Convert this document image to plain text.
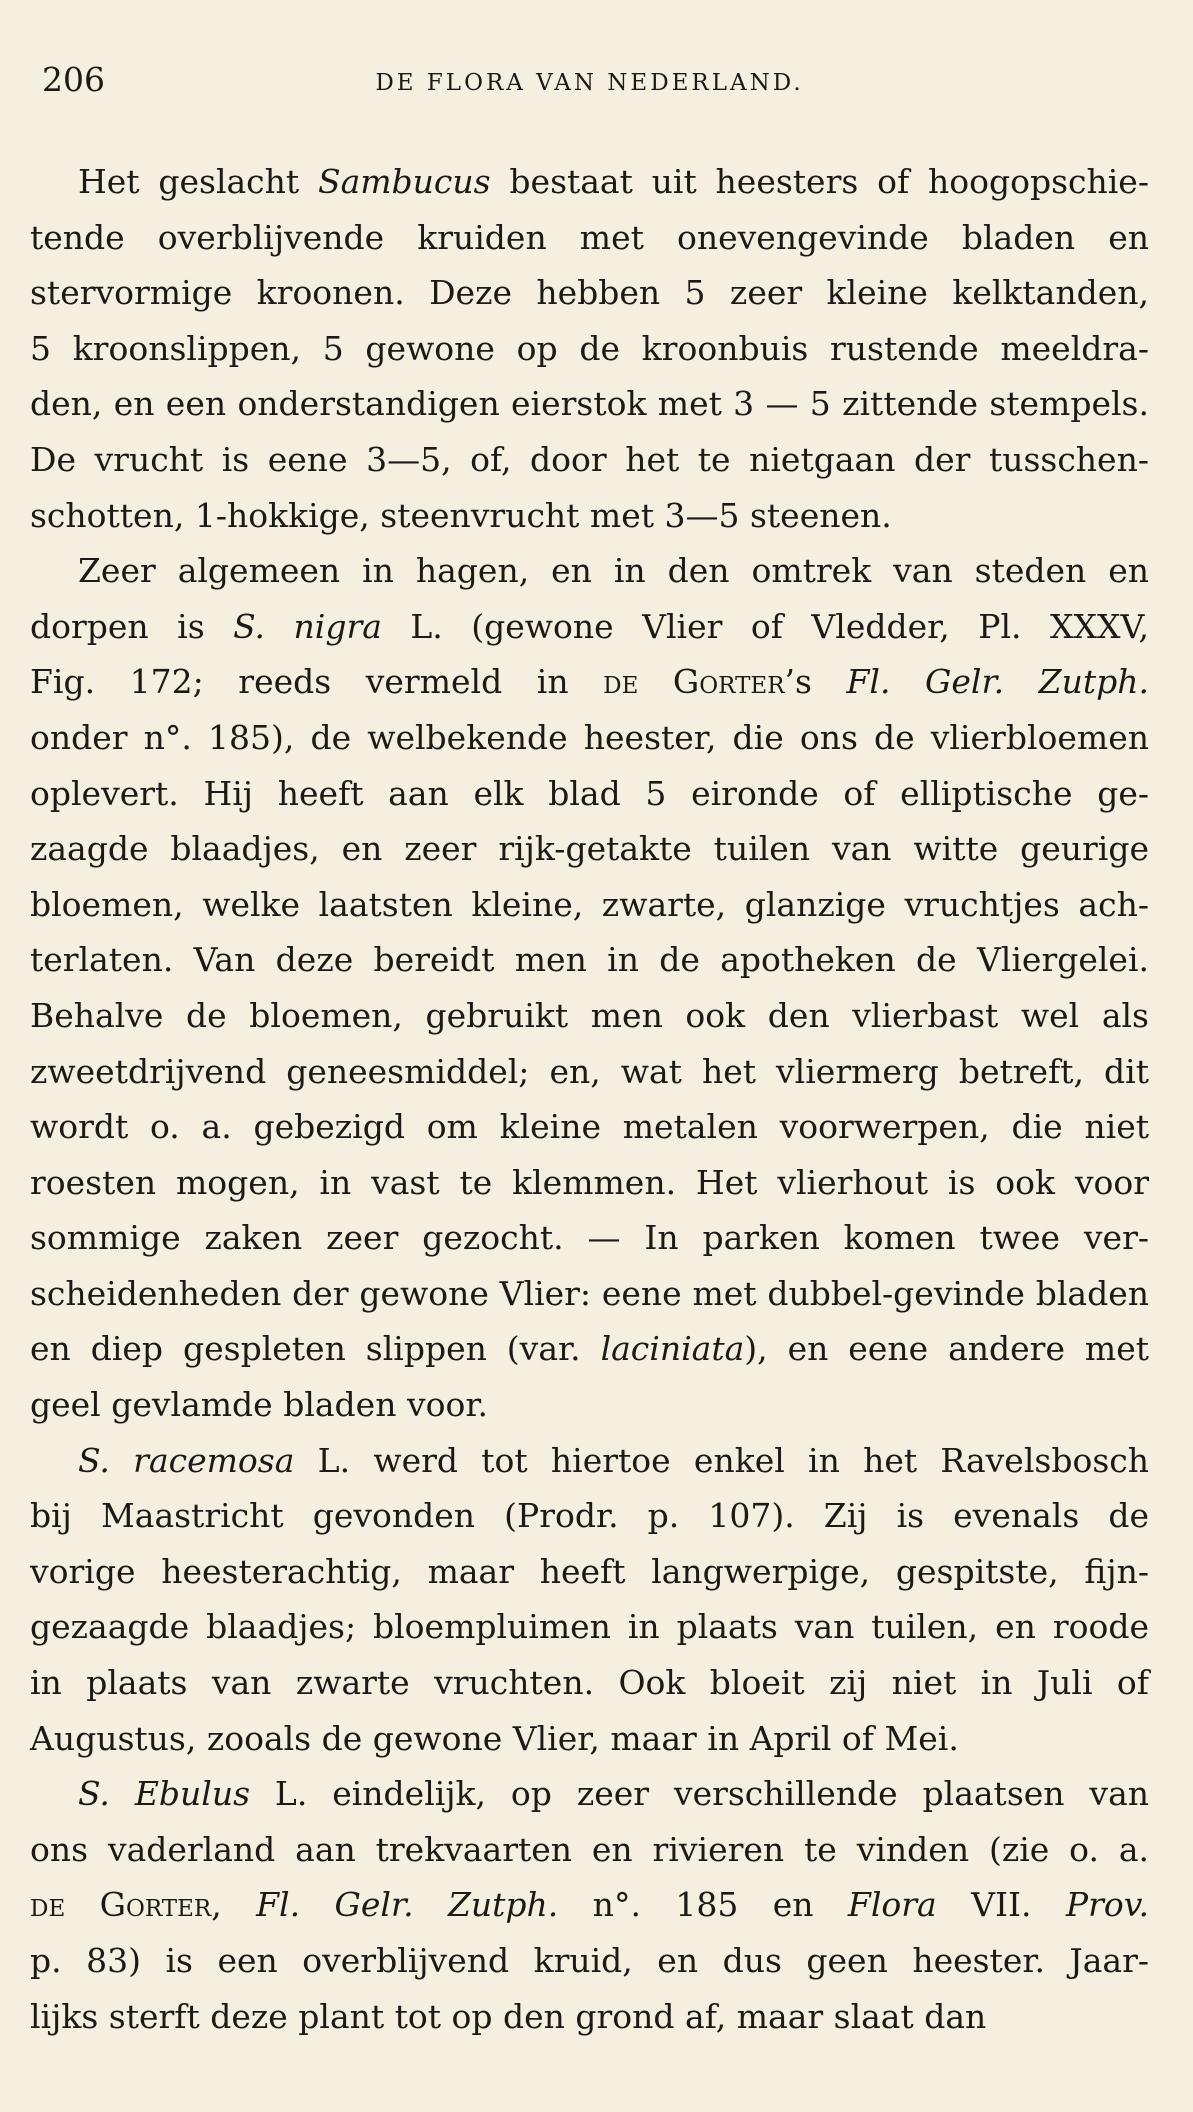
206	DE FLORA VAN NEDERLAND.
Het geslacht Sambucus bestaat uit heesters of hoogopschie-
tende overblijvende kruiden met onevengevinde bladen en
stervormige kroonen. Deze hebben 5 zeer kleine kelktanden,
5 kroonslippen, 5 gewone op de kroonbuis rustende meeldra-
den, en een onderstandigen eierstok met 3 — 5 zittende stempels.
De vrucht is eene 3—5, of, door het te nietgaan der tusschen-
schotten, 1-hokkige, steenvrucht met 3—5 steenen.
Zeer algemeen in hagen, en in den omtrek van steden en
dorpen is S. nigra L. (gewone Vlier of Vledder, Pl. XXXV,
Fig. 172; reeds vermeld in de Gorter’s Fl. Gelr. Zutph.
onder n°. 185), de welbekende heester, die ons de vlierbloemen
oplevert. Hij heeft aan elk blad 5 eironde of elliptische ge-
zaagde blaadjes, en zeer rijk-getakte tuilen van witte geurige
bloemen, welke laatsten kleine, zwarte, glanzige vruchtjes ach-
terlaten. Van deze bereidt men in de apotheken de Vliergelei.
Behalve de bloemen, gebruikt men ook den vlierbast wel als
zweetdrijvend geneesmiddel; en, wat het vliermerg betreft, dit
wordt o. a. gebezigd om kleine metalen voorwerpen, die niet
roesten mogen, in vast te klemmen. Het vlierhout is ook voor
sommige zaken zeer gezocht. — In parken komen twee ver-
scheidenheden der gewone Vlier: eene met dubbel-gevinde bladen
en diep gespleten slippen (var. laciniata), en eene andere met
geel gevlamde bladen voor.
S. racemosa L. werd tot hiertoe enkel in het Ravelsbosch
bij Maastricht gevonden (Prodr. p. 107). Zij is evenals de
vorige heesterachtig, maar heeft langwerpige, gespitste, fijn-
gezaagde blaadjes; bloempluimen in plaats van tuilen, en roode
in plaats van zwarte vruchten. Ook bloeit zij niet in Juli of
Augustus, zooals de gewone Vlier, maar in April of Mei.
S. Ebulus L. eindelijk, op zeer verschillende plaatsen van
ons vaderland aan trekvaarten en rivieren te vinden (zie o. a.
de Gorter, Fl. Gelr. Zutph. n°. 185 en Flora VII. Prov.
p. 83) is een overblijvend kruid, en dus geen heester. Jaar-
lijks sterft deze plant tot op den grond af, maar slaat dan
